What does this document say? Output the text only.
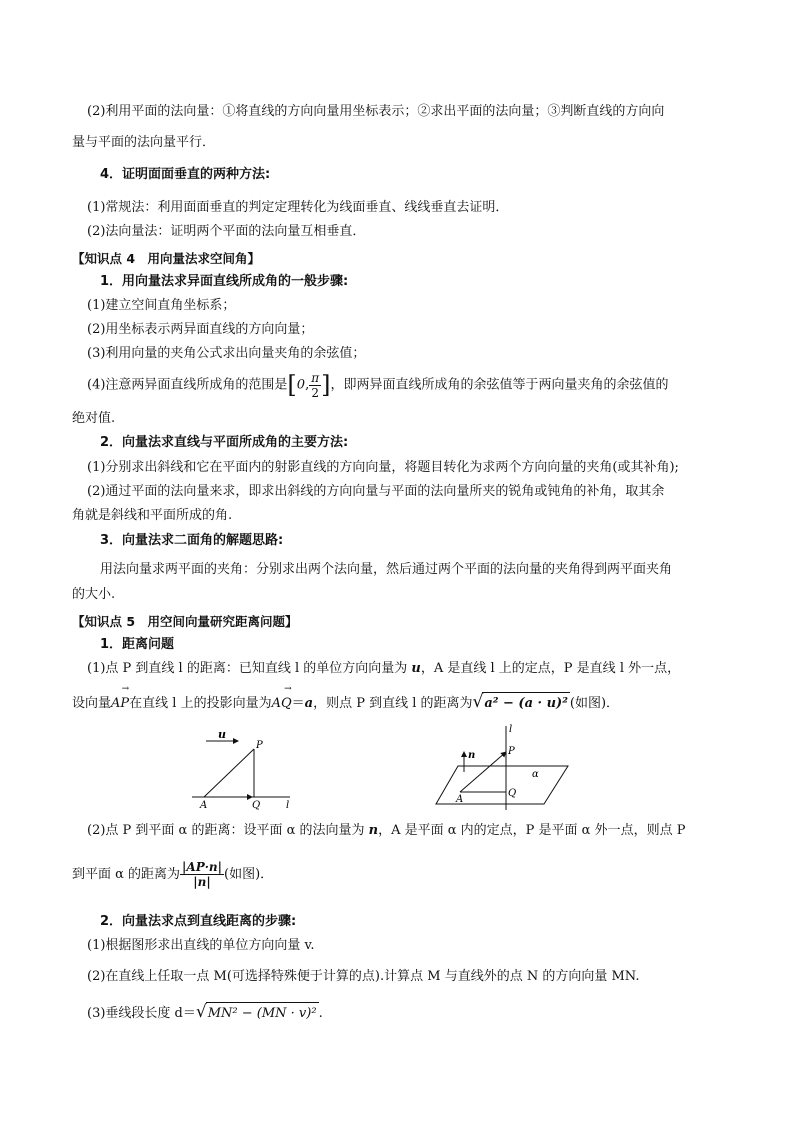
(2)利用平面的法向量：①将直线的方向向量用坐标表示；②求出平面的法向量；③判断直线的方向向
量与平面的法向量平行．
4．证明面面垂直的两种方法:
(1)常规法：利用面面垂直的判定定理转化为线面垂直、线线垂直去证明．
(2)法向量法：证明两个平面的法向量互相垂直．
【知识点 4　用向量法求空间角】
1．用向量法求异面直线所成角的一般步骤:
(1)建立空间直角坐标系；
(2)用坐标表示两异面直线的方向向量；
(3)利用向量的夹角公式求出向量夹角的余弦值；
(4)注意两异面直线所成角的范围是[0, $\frac{\pi}{2}$ ]，即两异面直线所成角的余弦值等于两向量夹角的余弦值的
绝对值.
2．向量法求直线与平面所成角的主要方法:
(1)分别求出斜线和它在平面内的射影直线的方向向量，将题目转化为求两个方向向量的夹角(或其补角);
(2)通过平面的法向量来求，即求出斜线的方向向量与平面的法向量所夹的锐角或钝角的补角，取其余
角就是斜线和平面所成的角.
3．向量法求二面角的解题思路:
用法向量求两平面的夹角：分别求出两个法向量，然后通过两个平面的法向量的夹角得到两平面夹角
的大小.
【知识点 5　用空间向量研究距离问题】
1．距离问题
(1)点 P 到直线 l 的距离：已知直线 l 的单位方向向量为 u，A 是直线 l 上的定点，P 是直线 l 外一点，
设向量
→
AP在直线 l 上的投影向量为
→
AQ＝a，则点 P 到直线 l 的距离为√a² − (a · u)² (如图)．
u
P
A	Q	l
l
n	P
α
A
Q
(2)点 P 到平面 α 的距离：设平面 α 的法向量为 n，A 是平面 α 内的定点，P 是平面 α 外一点，则点 P
到平面 α 的距离为 $\frac{|AP\cdot n|}{|n|}$ (如图)．
2．向量法求点到直线距离的步骤:
(1)根据图形求出直线的单位方向向量 v.
(2)在直线上任取一点 M(可选择特殊便于计算的点).计算点 M 与直线外的点 N 的方向向量 MN.
(3)垂线段长度 d＝√MN² − (MN · v)² .
